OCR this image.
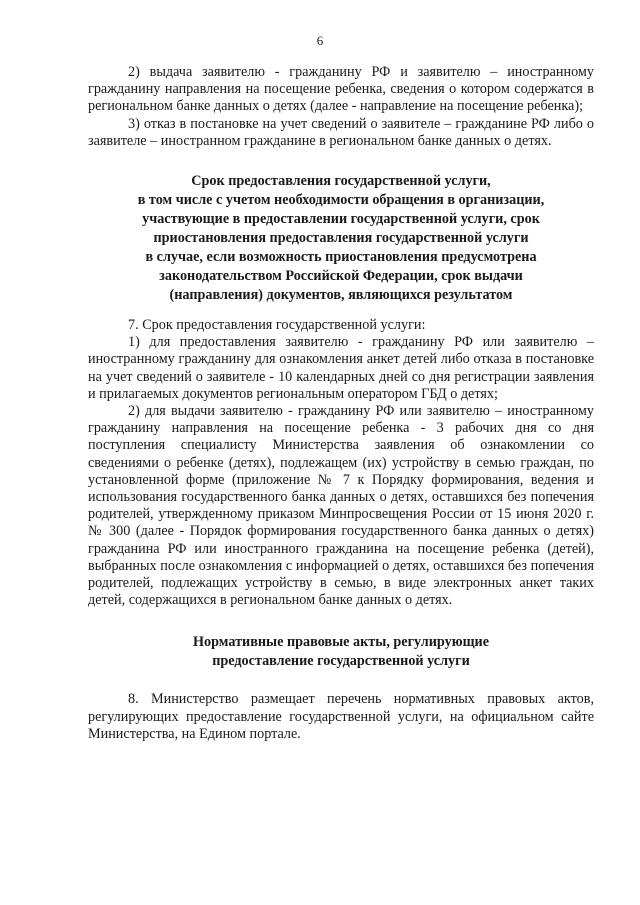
6

2) выдача заявителю - гражданину РФ и заявителю – иностранному гражданину направления на посещение ребенка, сведения о котором содержатся в региональном банке данных о детях (далее - направление на посещение ребенка);

3) отказ в постановке на учет сведений о заявителе – гражданине РФ либо о заявителе – иностранном гражданине в региональном банке данных о детях.

Срок предоставления государственной услуги,
в том числе с учетом необходимости обращения в организации,
участвующие в предоставлении государственной услуги, срок
приостановления предоставления государственной услуги
в случае, если возможность приостановления предусмотрена
законодательством Российской Федерации, срок выдачи
(направления) документов, являющихся результатом

7. Срок предоставления государственной услуги:

1) для предоставления заявителю - гражданину РФ или заявителю – иностранному гражданину для ознакомления анкет детей либо отказа в постановке на учет сведений о заявителе - 10 календарных дней со дня регистрации заявления и прилагаемых документов региональным оператором ГБД о детях;

2) для выдачи заявителю - гражданину РФ или заявителю – иностранному гражданину направления на посещение ребенка - 3 рабочих дня со дня поступления специалисту Министерства заявления об ознакомлении со сведениями о ребенке (детях), подлежащем (их) устройству в семью граждан, по установленной форме (приложение № 7 к Порядку формирования, ведения и использования государственного банка данных о детях, оставшихся без попечения родителей, утвержденному приказом Минпросвещения России от 15 июня 2020 г. № 300 (далее - Порядок формирования государственного банка данных о детях) гражданина РФ или иностранного гражданина на посещение ребенка (детей), выбранных после ознакомления с информацией о детях, оставшихся без попечения родителей, подлежащих устройству в семью, в виде электронных анкет таких детей, содержащихся в региональном банке данных о детях.

Нормативные правовые акты, регулирующие
предоставление государственной услуги

8. Министерство размещает перечень нормативных правовых актов, регулирующих предоставление государственной услуги, на официальном сайте Министерства, на Едином портале.
